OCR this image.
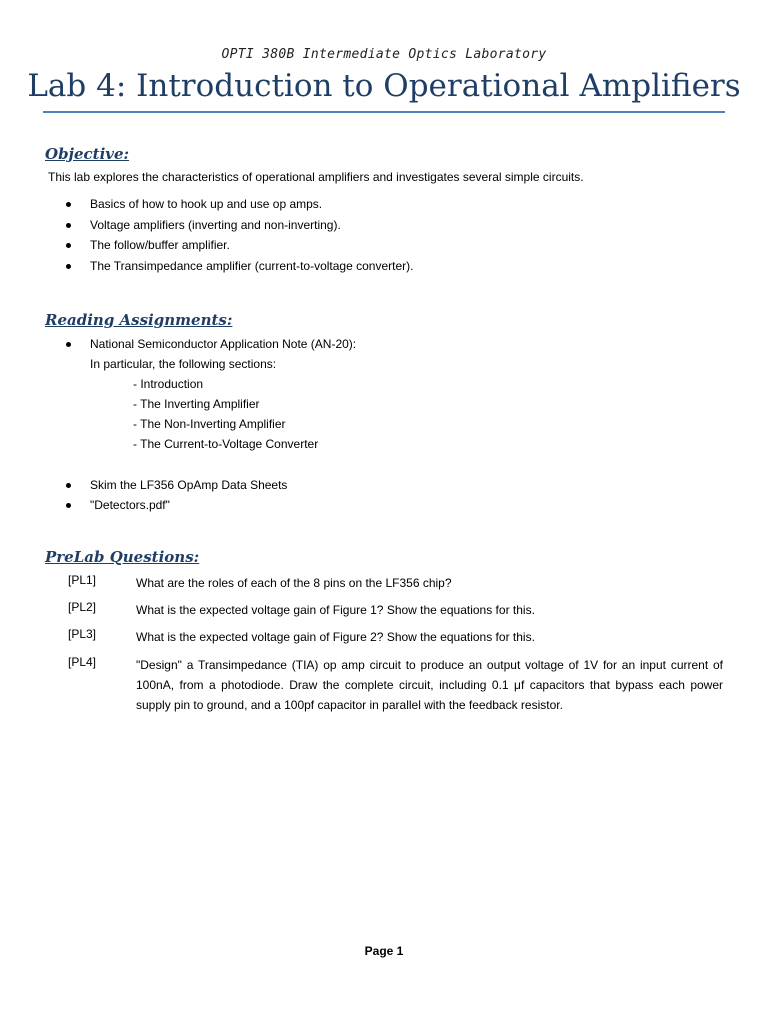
OPTI 380B Intermediate Optics Laboratory
Lab 4: Introduction to Operational Amplifiers
Objective:
This lab explores the characteristics of operational amplifiers and investigates several simple circuits.
Basics of how to hook up and use op amps.
Voltage amplifiers (inverting and non-inverting).
The follow/buffer amplifier.
The Transimpedance amplifier (current-to-voltage converter).
Reading Assignments:
National Semiconductor Application Note (AN-20):
In particular, the following sections:
- Introduction
- The Inverting Amplifier
- The Non-Inverting Amplifier
- The Current-to-Voltage Converter
Skim the LF356 OpAmp Data Sheets
"Detectors.pdf"
PreLab Questions:
[PL1]	What are the roles of each of the 8 pins on the LF356 chip?
[PL2]	What is the expected voltage gain of Figure 1? Show the equations for this.
[PL3]	What is the expected voltage gain of Figure 2? Show the equations for this.
[PL4]	"Design" a Transimpedance (TIA) op amp circuit to produce an output voltage of 1V for an input current of 100nA, from a photodiode. Draw the complete circuit, including 0.1 μf capacitors that bypass each power supply pin to ground, and a 100pf capacitor in parallel with the feedback resistor.
Page 1
